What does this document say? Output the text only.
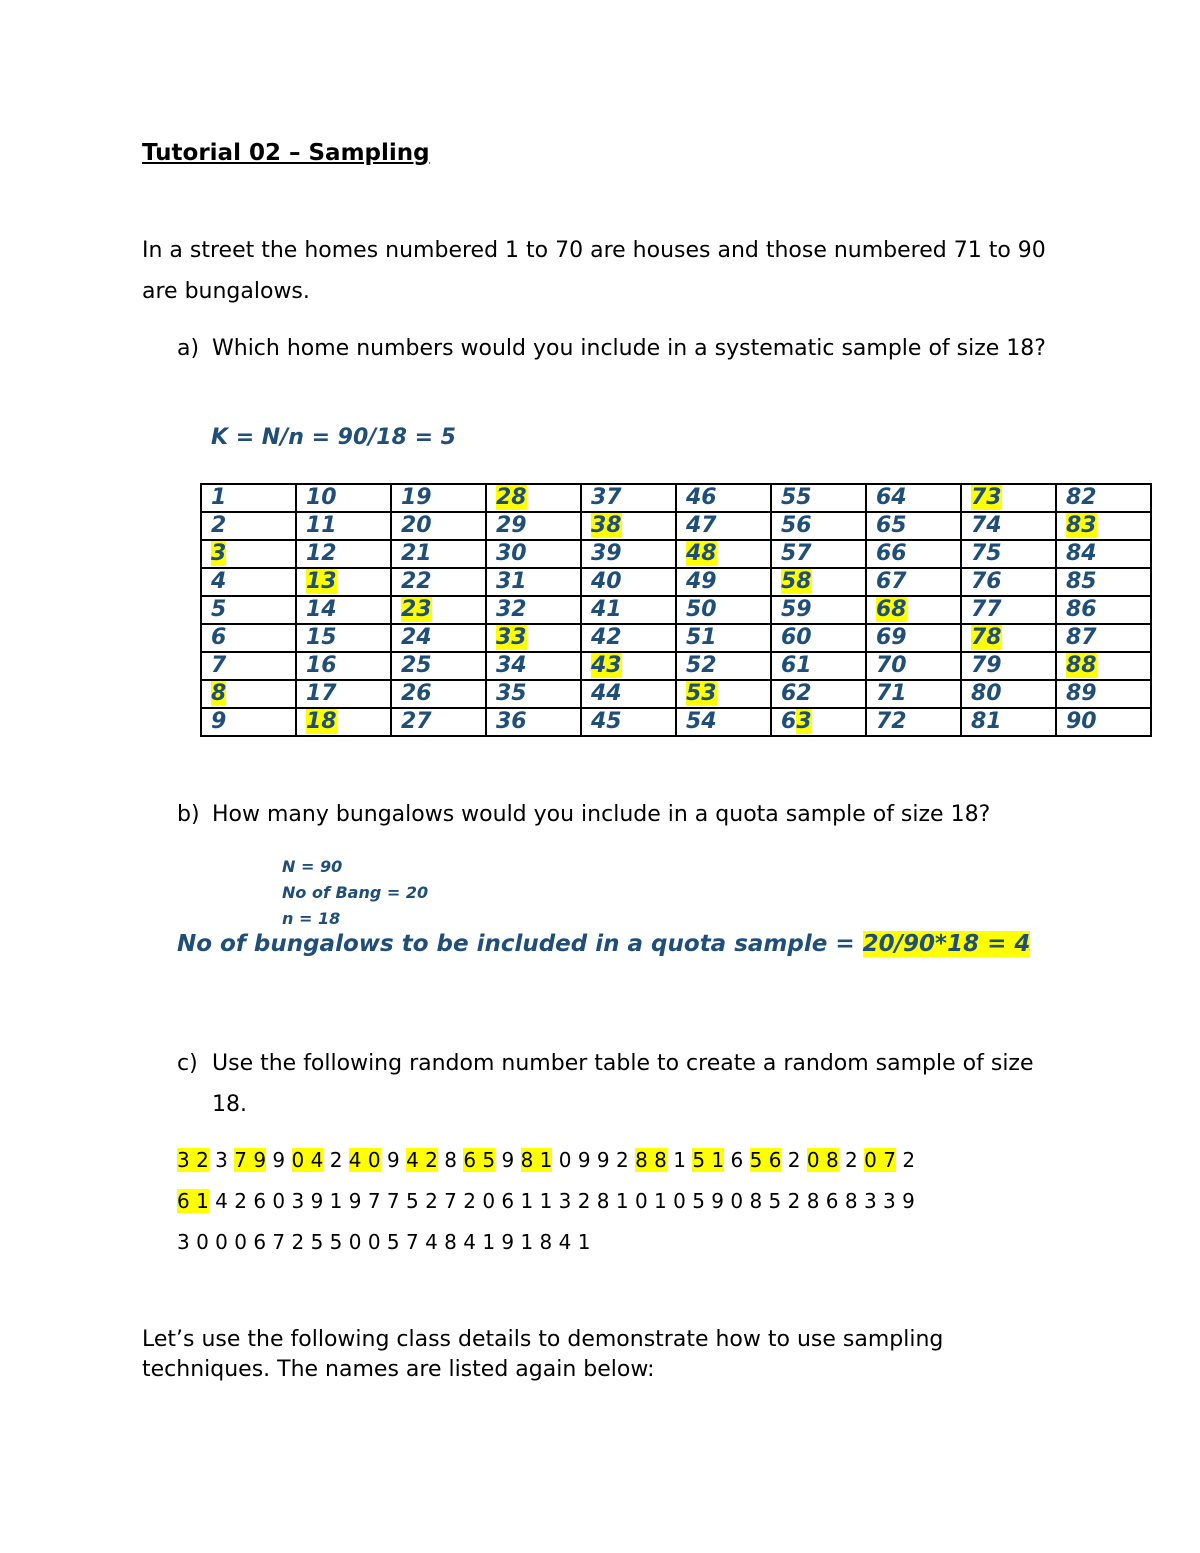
Tutorial 02 – Sampling
In a street the homes numbered 1 to 70 are houses and those numbered 71 to 90 are bungalows.
a) Which home numbers would you include in a systematic sample of size 18?
K = N/n = 90/18 = 5
1	10	19	28	37	46	55	64	73	82
2	11	20	29	38	47	56	65	74	83
3	12	21	30	39	48	57	66	75	84
4	13	22	31	40	49	58	67	76	85
5	14	23	32	41	50	59	68	77	86
6	15	24	33	42	51	60	69	78	87
7	16	25	34	43	52	61	70	79	88
8	17	26	35	44	53	62	71	80	89
9	18	27	36	45	54	63	72	81	90
b) How many bungalows would you include in a quota sample of size 18?
N = 90
No of Bang = 20
n = 18
No of bungalows to be included in a quota sample = 20/90*18 = 4
c) Use the following random number table to create a random sample of size 18.
3 2 3 7 9 9 0 4 2 4 0 9 4 2 8 6 5 9 8 1 0 9 9 2 8 8 1 5 1 6 5 6 2 0 8 2 0 7 2
6 1 4 2 6 0 3 9 1 9 7 7 5 2 7 2 0 6 1 1 3 2 8 1 0 1 0 5 9 0 8 5 2 8 6 8 3 3 9
3 0 0 0 6 7 2 5 5 0 0 5 7 4 8 4 1 9 1 8 4 1
Let’s use the following class details to demonstrate how to use sampling techniques. The names are listed again below:
